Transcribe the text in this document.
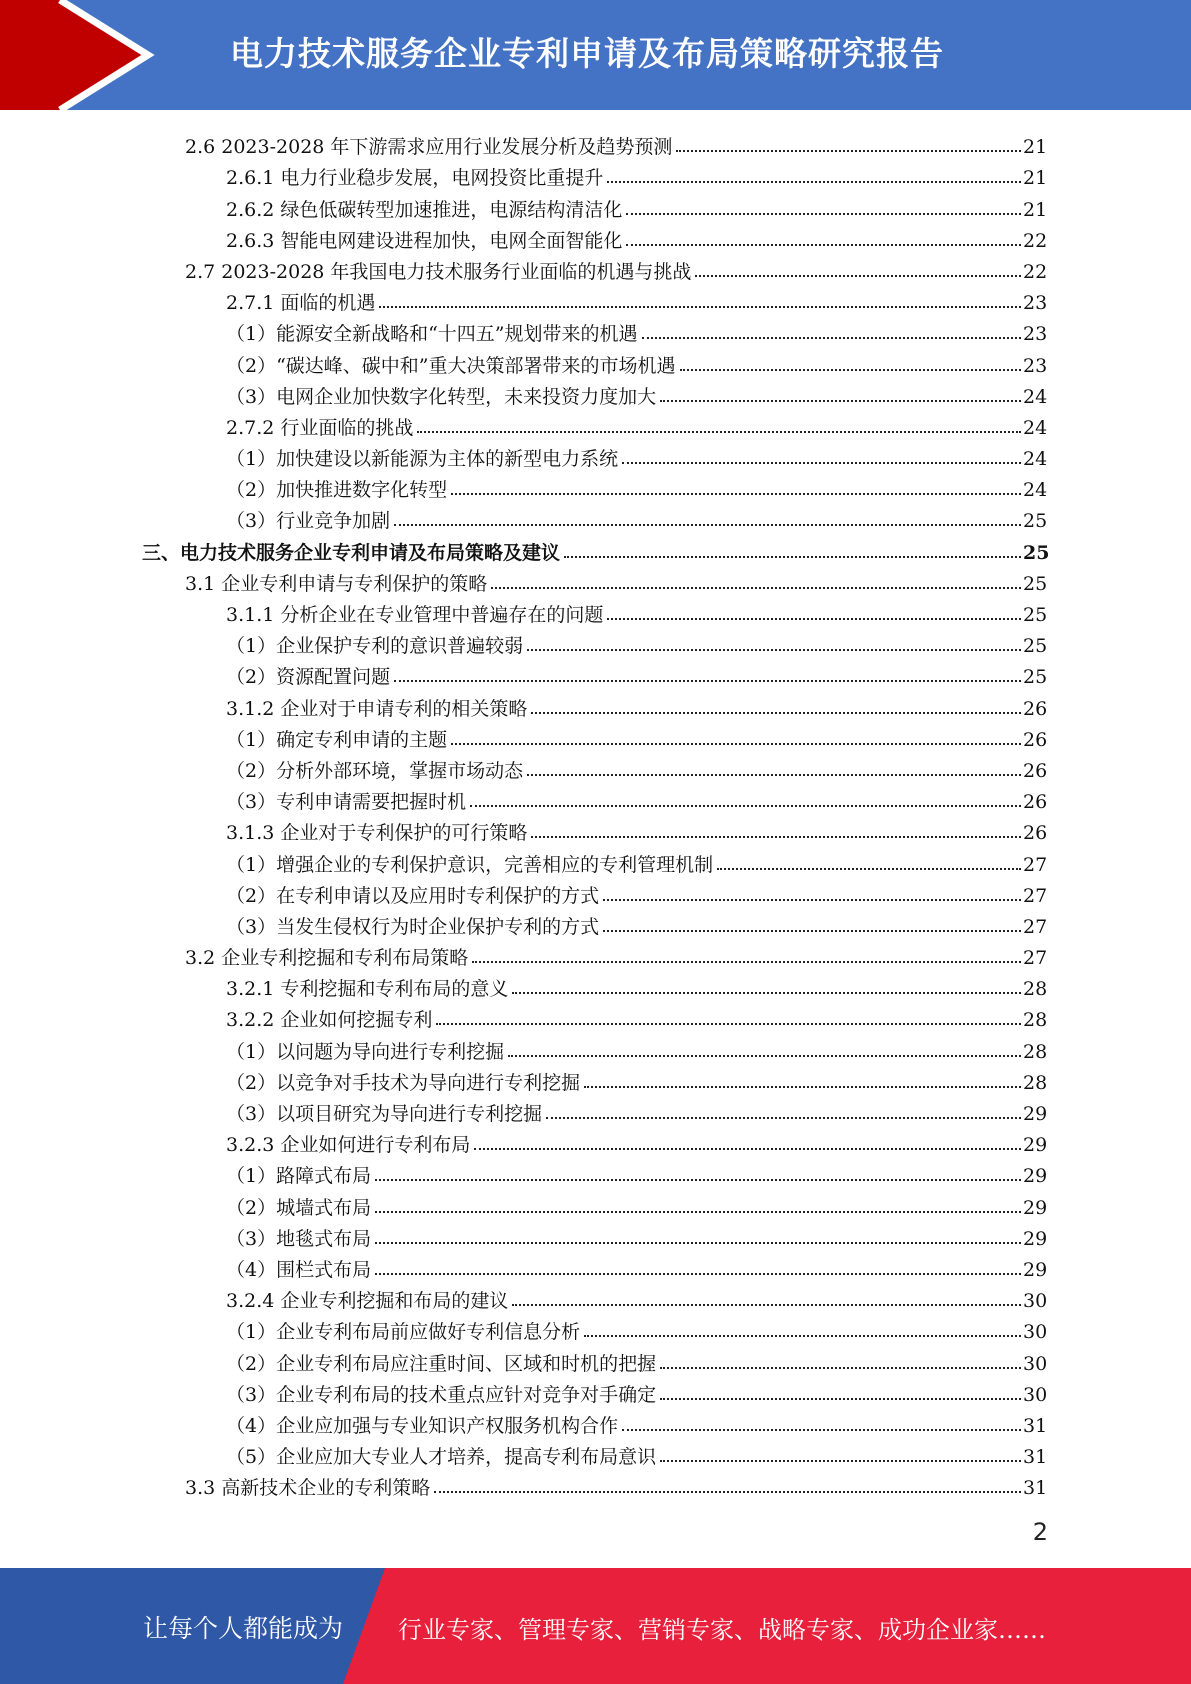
电力技术服务企业专利申请及布局策略研究报告
2.6 2023-2028 年下游需求应用行业发展分析及趋势预测	21
2.6.1 电力行业稳步发展，电网投资比重提升	21
2.6.2 绿色低碳转型加速推进，电源结构清洁化	21
2.6.3 智能电网建设进程加快，电网全面智能化	22
2.7 2023-2028 年我国电力技术服务行业面临的机遇与挑战	22
2.7.1 面临的机遇	23
（1）能源安全新战略和“十四五”规划带来的机遇	23
（2）“碳达峰、碳中和”重大决策部署带来的市场机遇	23
（3）电网企业加快数字化转型，未来投资力度加大	24
2.7.2 行业面临的挑战	24
（1）加快建设以新能源为主体的新型电力系统	24
（2）加快推进数字化转型	24
（3）行业竞争加剧	25
三、电力技术服务企业专利申请及布局策略及建议	25
3.1 企业专利申请与专利保护的策略	25
3.1.1 分析企业在专业管理中普遍存在的问题	25
（1）企业保护专利的意识普遍较弱	25
（2）资源配置问题	25
3.1.2 企业对于申请专利的相关策略	26
（1）确定专利申请的主题	26
（2）分析外部环境，掌握市场动态	26
（3）专利申请需要把握时机	26
3.1.3 企业对于专利保护的可行策略	26
（1）增强企业的专利保护意识，完善相应的专利管理机制	27
（2）在专利申请以及应用时专利保护的方式	27
（3）当发生侵权行为时企业保护专利的方式	27
3.2 企业专利挖掘和专利布局策略	27
3.2.1 专利挖掘和专利布局的意义	28
3.2.2 企业如何挖掘专利	28
（1）以问题为导向进行专利挖掘	28
（2）以竞争对手技术为导向进行专利挖掘	28
（3）以项目研究为导向进行专利挖掘	29
3.2.3 企业如何进行专利布局	29
（1）路障式布局	29
（2）城墙式布局	29
（3）地毯式布局	29
（4）围栏式布局	29
3.2.4 企业专利挖掘和布局的建议	30
（1）企业专利布局前应做好专利信息分析	30
（2）企业专利布局应注重时间、区域和时机的把握	30
（3）企业专利布局的技术重点应针对竞争对手确定	30
（4）企业应加强与专业知识产权服务机构合作	31
（5）企业应加大专业人才培养，提高专利布局意识	31
3.3 高新技术企业的专利策略	31
2
让每个人都能成为 行业专家、管理专家、营销专家、战略专家、成功企业家……
